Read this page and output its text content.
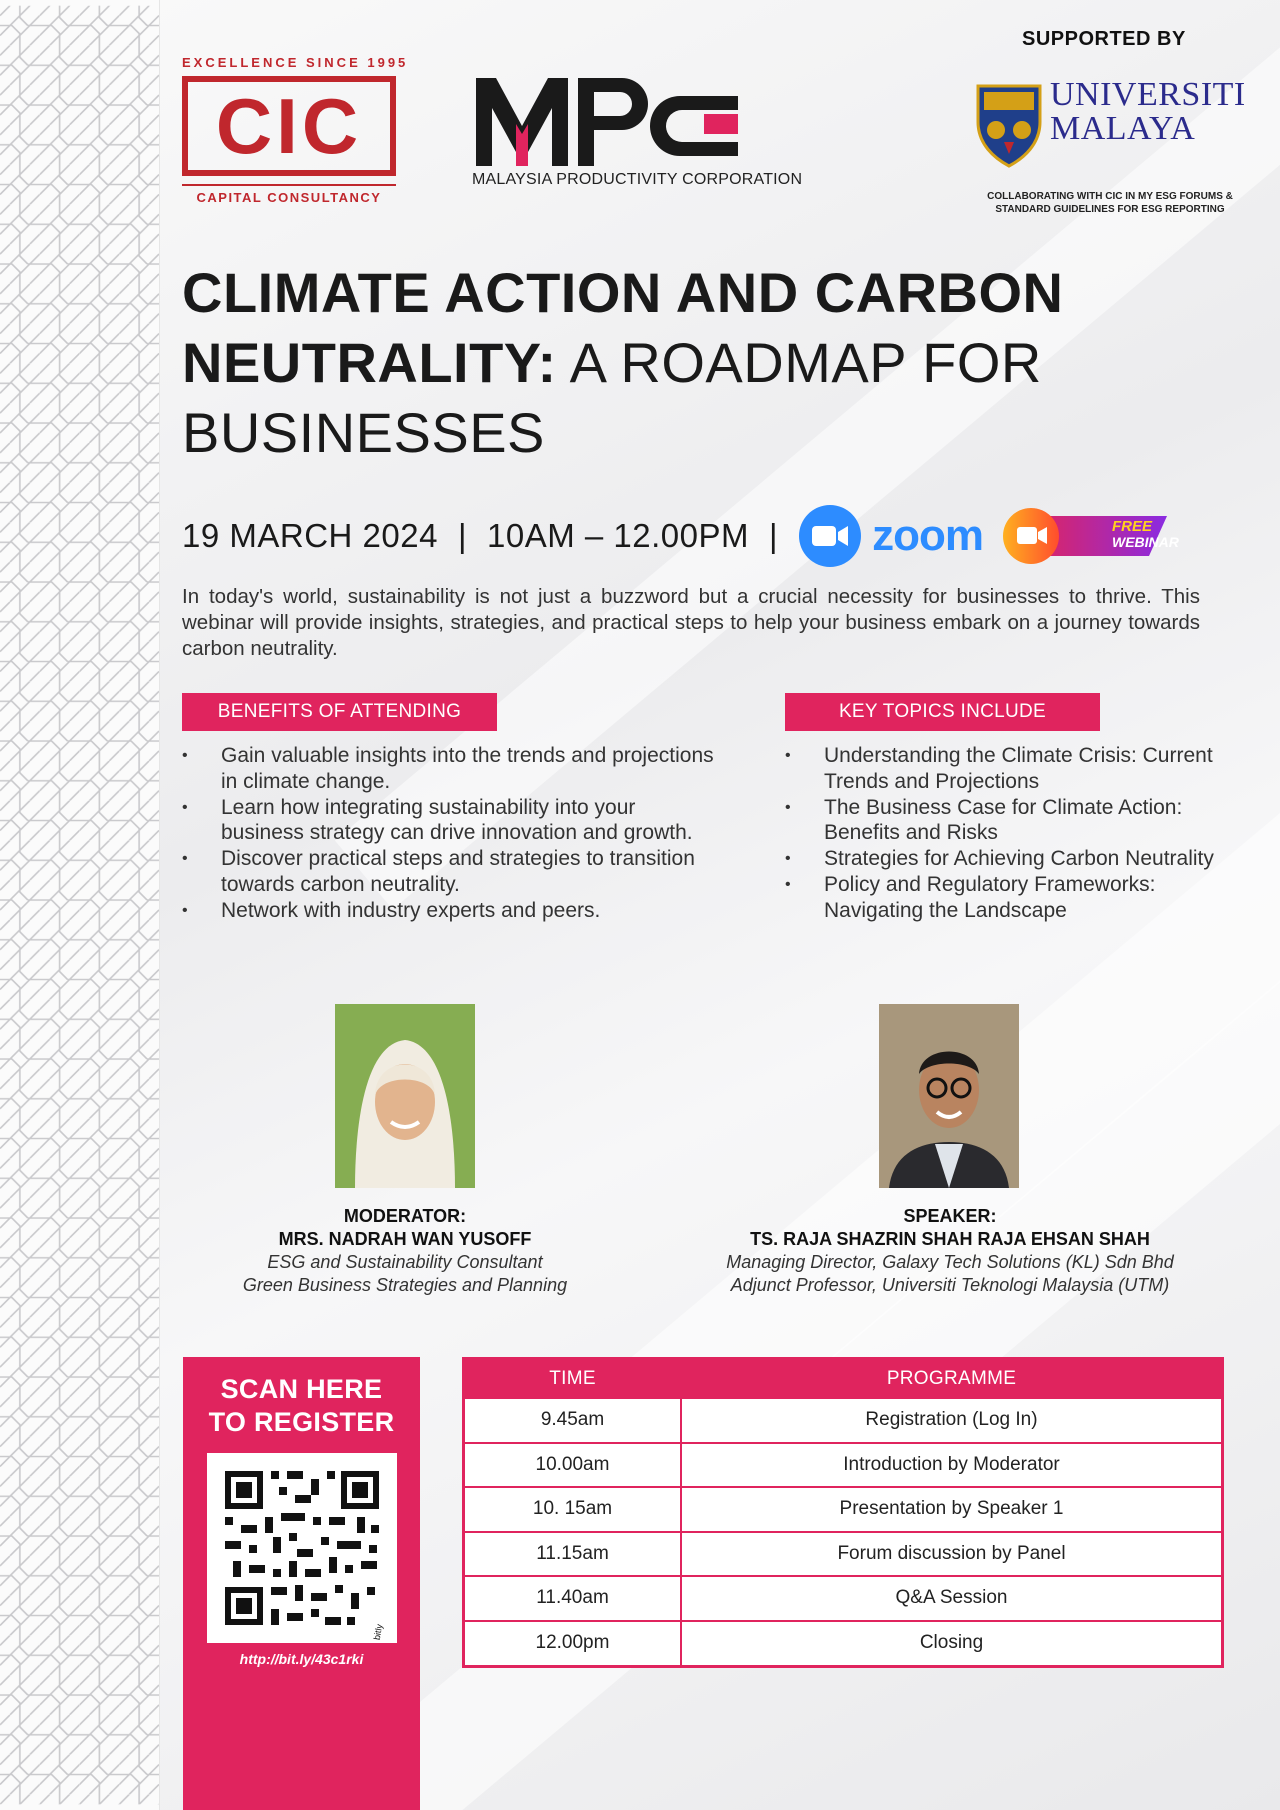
EXCELLENCE SINCE 1995
CIC
CAPITAL CONSULTANCY
MALAYSIA PRODUCTIVITY CORPORATION
SUPPORTED BY
UNIVERSITI
MALAYA
COLLABORATING WITH CIC IN MY ESG FORUMS &
STANDARD GUIDELINES FOR ESG REPORTING
CLIMATE ACTION AND CARBON
NEUTRALITY: A ROADMAP FOR
BUSINESSES
19 MARCH 2024 | 10AM – 12.00PM | zoom	FREE
WEBINAR
In today's world, sustainability is not just a buzzword but a crucial necessity for businesses to thrive. This webinar will provide insights, strategies, and practical steps to help your business embark on a journey towards carbon neutrality.
BENEFITS OF ATTENDING
• Gain valuable insights into the trends and projections in climate change.
• Learn how integrating sustainability into your business strategy can drive innovation and growth.
• Discover practical steps and strategies to transition towards carbon neutrality.
• Network with industry experts and peers.
KEY TOPICS INCLUDE
• Understanding the Climate Crisis: Current Trends and Projections
• The Business Case for Climate Action: Benefits and Risks
• Strategies for Achieving Carbon Neutrality
• Policy and Regulatory Frameworks: Navigating the Landscape
MODERATOR:
MRS. NADRAH WAN YUSOFF
ESG and Sustainability Consultant
Green Business Strategies and Planning
SPEAKER:
TS. RAJA SHAZRIN SHAH RAJA EHSAN SHAH
Managing Director, Galaxy Tech Solutions (KL) Sdn Bhd
Adjunct Professor, Universiti Teknologi Malaysia (UTM)
SCAN HERE
TO REGISTER
bitly
http://bit.ly/43c1rki
TIME	PROGRAMME
9.45am	Registration (Log In)
10.00am	Introduction by Moderator
10. 15am	Presentation by Speaker 1
11.15am	Forum discussion by Panel
11.40am	Q&A Session
12.00pm	Closing
